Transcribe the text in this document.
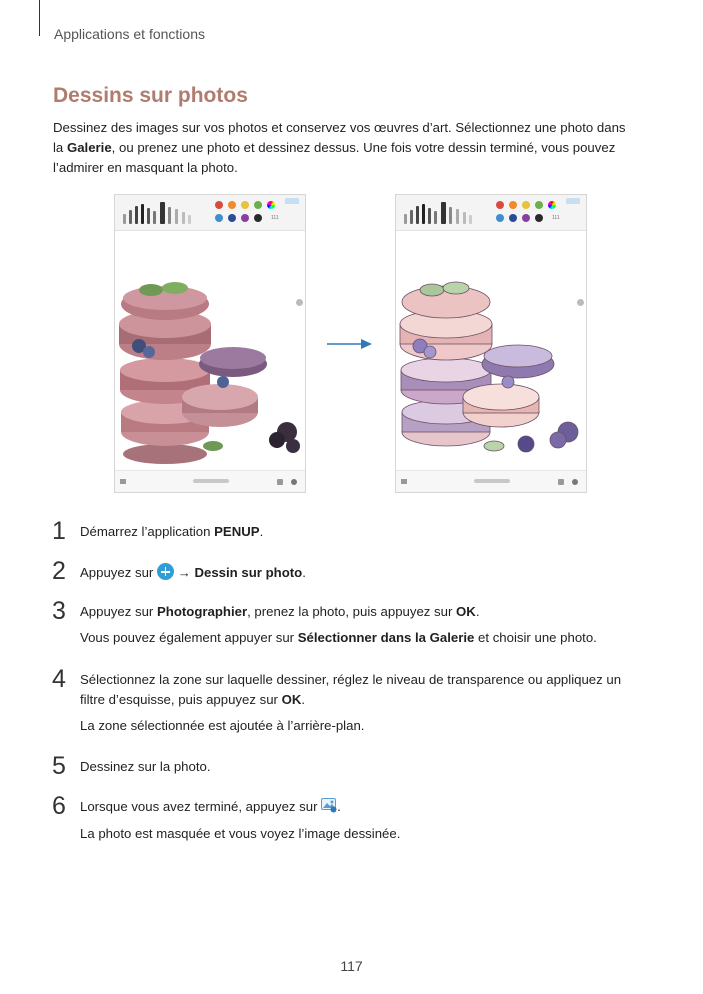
Applications et fonctions
Dessins sur photos

Dessinez des images sur vos photos et conservez vos œuvres d’art. Sélectionnez une photo dans la Galerie, ou prenez une photo et dessinez dessus. Une fois votre dessin terminé, vous pouvez l’admirer en masquant la photo.

111	111
1 Démarrez l’application PENUP.

2 Appuyez sur  → Dessin sur photo.

3 Appuyez sur Photographier, prenez la photo, puis appuyez sur OK.

Vous pouvez également appuyer sur Sélectionner dans la Galerie et choisir une photo.

4 Sélectionnez la zone sur laquelle dessiner, réglez le niveau de transparence ou appliquez un filtre d’esquisse, puis appuyez sur OK.

La zone sélectionnée est ajoutée à l’arrière-plan.

5 Dessinez sur la photo.

6 Lorsque vous avez terminé, appuyez sur .

La photo est masquée et vous voyez l’image dessinée.

117
